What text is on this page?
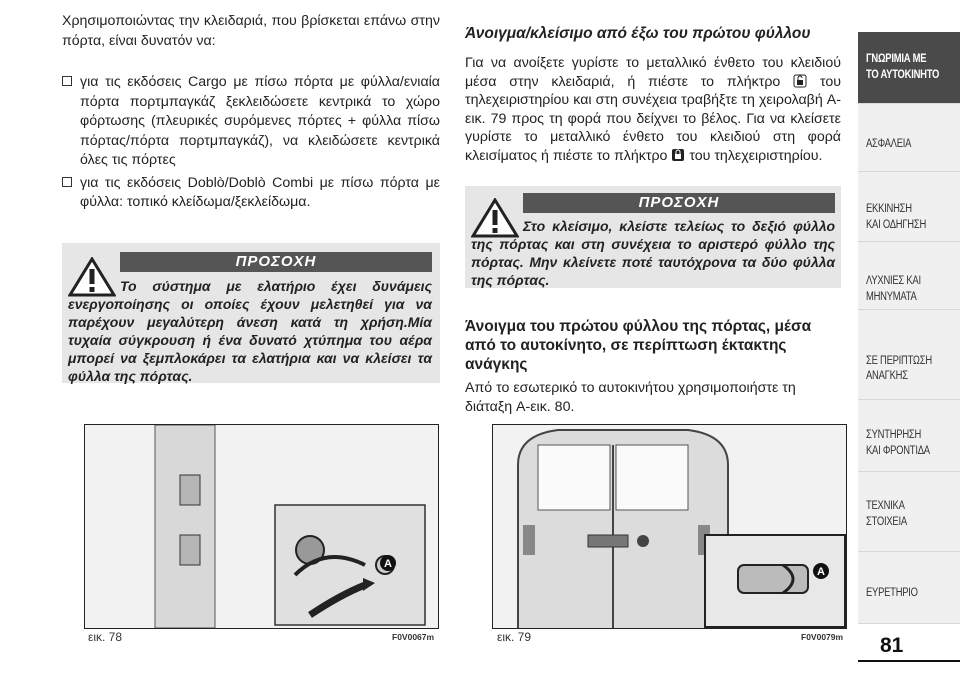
Χρησιμοποιώντας την κλειδαριά, που βρίσκεται επάνω στην πόρτα, είναι δυνατόν να:

για τις εκδόσεις Cargo με πίσω πόρτα με φύλλα/ενιαία πόρτα πορτμπαγκάζ ξεκλειδώσετε κεντρικά το χώρο φόρτωσης (πλευρικές συρόμενες πόρτες + φύλλα πίσω πόρτας/πόρτα πορτμπαγκάζ), να κλειδώσετε κεντρικά όλες τις πόρτες
για τις εκδόσεις Doblò/Doblò Combi με πίσω πόρτα με φύλλα: τοπικό κλείδωμα/ξεκλείδωμα.
ΠΡΟΣΟΧΗ
Το σύστημα με ελατήριο έχει δυνάμεις ενεργοποίησης οι οποίες έχουν μελετηθεί για να παρέχουν μεγαλύτερη άνεση κατά τη χρήση.Μία τυχαία σύγκρουση ή ένα δυνατό χτύπημα του αέρα μπορεί να ξεμπλοκάρει τα ελατήρια και να κλείσει τα φύλλα της πόρτας.
A
εικ. 78	F0V0067m
Άνοιγμα/κλείσιμο από έξω του πρώτου φύλλου

Για να ανοίξετε γυρίστε το μεταλλικό ένθετο του κλειδιού μέσα στην κλειδαριά, ή πιέστε το πλήκτρο	του τηλεχειριστηρίου και στη συνέχεια τραβήξτε τη χειρολαβή A-εικ. 79 προς τη φορά που δείχνει το βέλος. Για να κλείσετε γυρίστε το μεταλλικό ένθετο του κλειδιού στη φορά κλεισίματος ή πιέστε το πλήκτρο του τηλεχειριστηρίου.

ΠΡΟΣΟΧΗ
Στο κλείσιμο, κλείστε τελείως το δεξιό φύλλο της πόρτας και στη συνέχεια το αριστερό φύλλο της πόρτας. Μην κλείνετε ποτέ ταυτόχρονα τα δύο φύλλα της πόρτας.
Άνοιγμα του πρώτου φύλλου της πόρτας, μέσα από το αυτοκίνητο, σε περίπτωση έκτακτης ανάγκης

Από το εσωτερικό το αυτοκινήτου χρησιμοποιήστε τη διάταξη A-εικ. 80.

A
εικ. 79	F0V0079m
ΓΝΩΡΙΜΙΑ ΜΕ
ΤΟ ΑΥΤΟΚΙΝΗΤΟ
ΑΣΦΑΛΕΙΑ
ΕΚΚΙΝΗΣΗ
ΚΑΙ ΟΔΗΓΗΣΗ
ΛΥΧΝΙΕΣ ΚΑΙ
ΜΗΝΥΜΑΤΑ
ΣΕ ΠΕΡΙΠΤΩΣΗ
ΑΝΑΓΚΗΣ
ΣΥΝΤΗΡΗΣΗ
ΚΑΙ ΦΡΟΝΤΙΔΑ
ΤΕΧΝΙΚΑ
ΣΤΟΙΧΕΙΑ
ΕΥΡΕΤΗΡΙΟ
81
